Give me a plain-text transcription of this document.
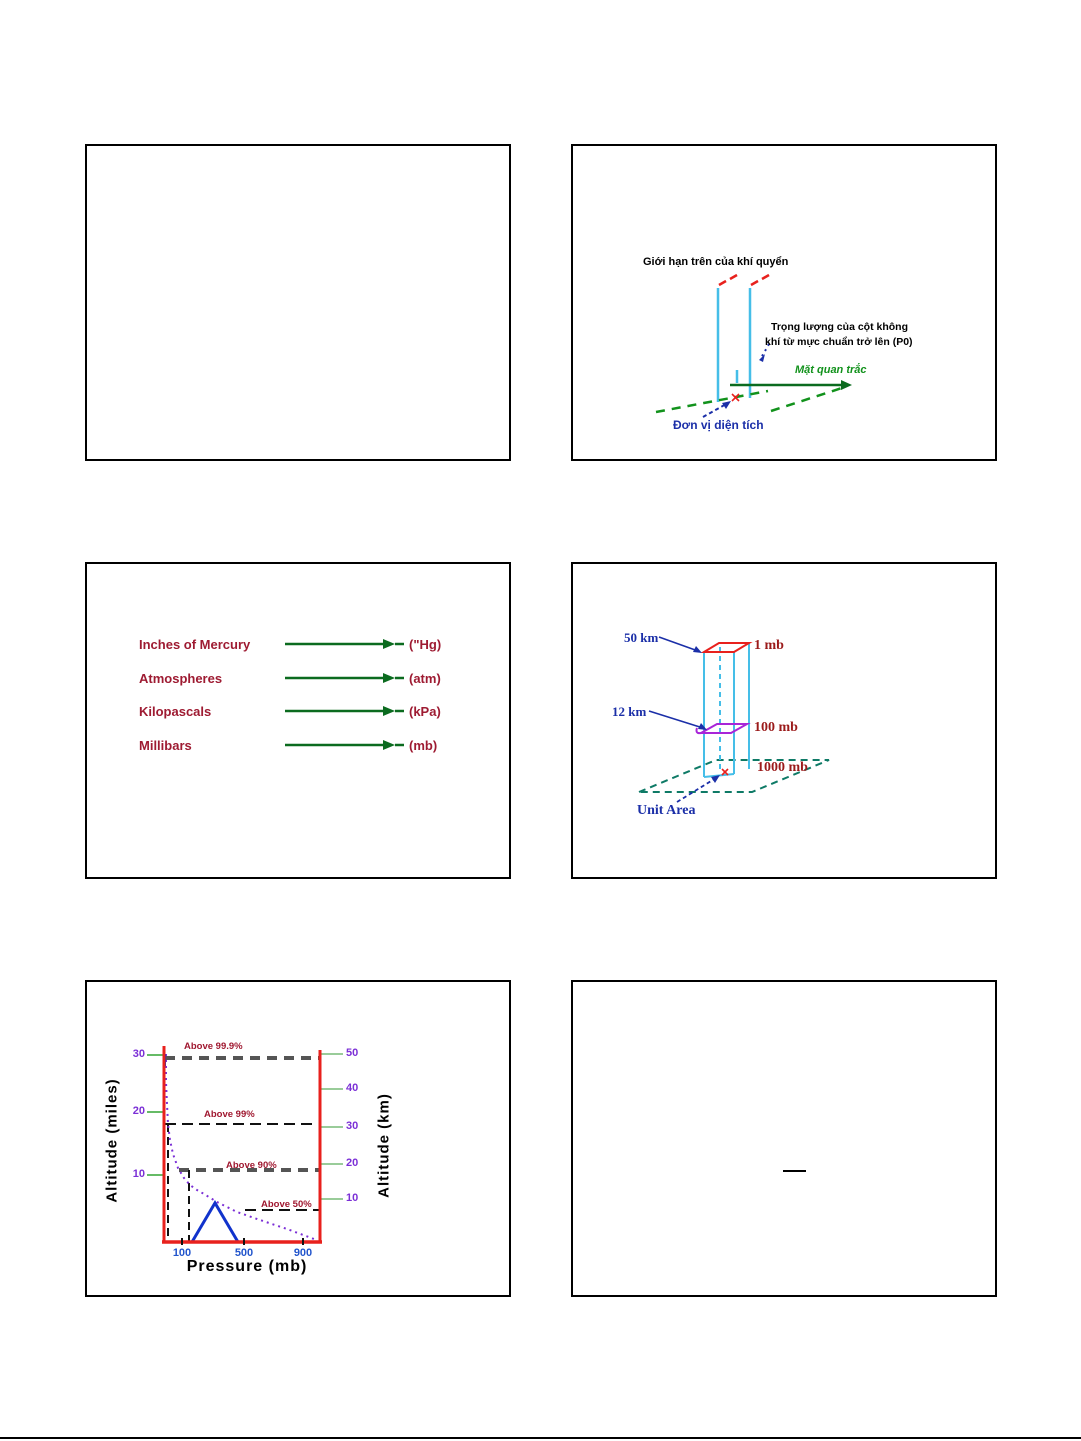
Giới hạn trên của khí quyển
Trọng lượng của cột không
khí từ mực chuẩn trở lên (P0)
Mặt quan trắc
Đơn vị diện tích
Inches of Mercury	("Hg)
Atmospheres	(atm)
Kilopascals	(kPa)
Millibars	(mb)
50 km
1 mb
12 km
100 mb
1000 mb
Unit Area
Above 99.9%
Above 99%
Above 90%
Above 50%
30
20
10
50
40
30
20
10
100	500	900
Altitude (miles)	Altitude (km)
Pressure (mb)
